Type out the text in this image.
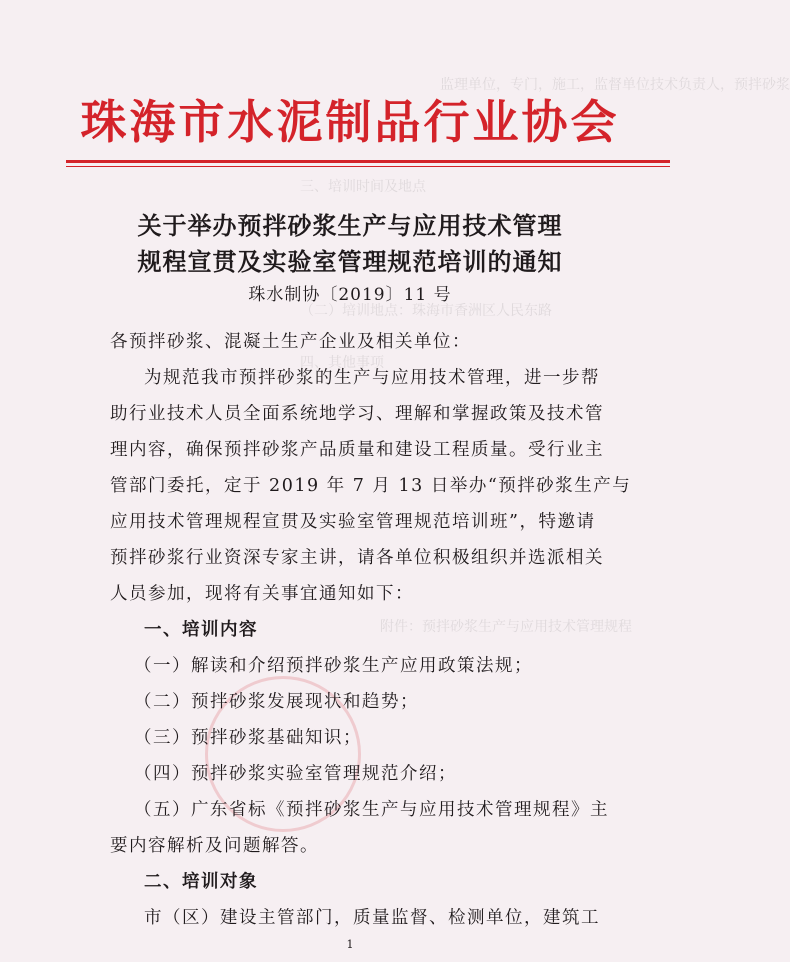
监理单位，专门，施工，监督单位技术负责人，预拌砂浆
三、培训时间及地点
（二）培训地点：珠海市香洲区人民东路
四、其他事项
附件：预拌砂浆生产与应用技术管理规程
珠海市水泥制品行业协会
关于举办预拌砂浆生产与应用技术管理
规程宣贯及实验室管理规范培训的通知
珠水制协〔2019〕11 号
各预拌砂浆、混凝土生产企业及相关单位：
为规范我市预拌砂浆的生产与应用技术管理，进一步帮
助行业技术人员全面系统地学习、理解和掌握政策及技术管
理内容，确保预拌砂浆产品质量和建设工程质量。受行业主
管部门委托，定于 2019 年 7 月 13 日举办“预拌砂浆生产与
应用技术管理规程宣贯及实验室管理规范培训班”，特邀请
预拌砂浆行业资深专家主讲，请各单位积极组织并选派相关
人员参加，现将有关事宜通知如下：
一、培训内容
（一）解读和介绍预拌砂浆生产应用政策法规；
（二）预拌砂浆发展现状和趋势；
（三）预拌砂浆基础知识；
（四）预拌砂浆实验室管理规范介绍；
（五）广东省标《预拌砂浆生产与应用技术管理规程》主
要内容解析及问题解答。
二、培训对象
市（区）建设主管部门，质量监督、检测单位，建筑工
1
